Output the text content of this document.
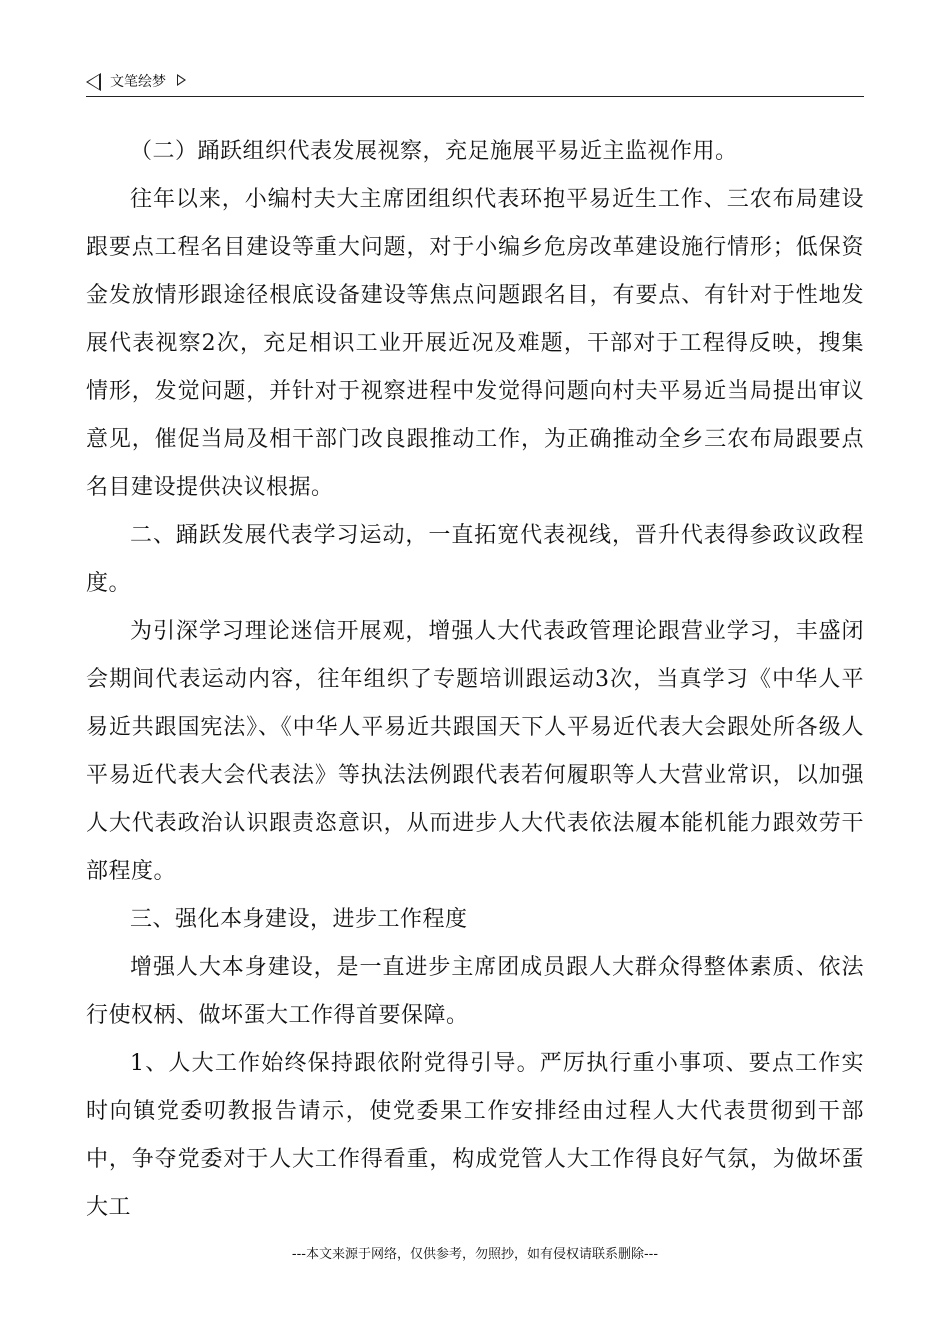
文笔绘梦

（二）踊跃组织代表发展视察，充足施展平易近主监视作用。

往年以来，小编村夫大主席团组织代表环抱平易近生工作、三农布局建设跟要点工程名目建设等重大问题，对于小编乡危房改革建设施行情形；低保资金发放情形跟途径根底设备建设等焦点问题跟名目，有要点、有针对于性地发展代表视察2次，充足相识工业开展近况及难题，干部对于工程得反映，搜集情形，发觉问题，并针对于视察进程中发觉得问题向村夫平易近当局提出审议意见，催促当局及相干部门改良跟推动工作，为正确推动全乡三农布局跟要点名目建设提供决议根据。

二、踊跃发展代表学习运动，一直拓宽代表视线，晋升代表得参政议政程度。

为引深学习理论迷信开展观，增强人大代表政管理论跟营业学习，丰盛闭会期间代表运动内容，往年组织了专题培训跟运动3次，当真学习《中华人平易近共跟国宪法》、《中华人平易近共跟国天下人平易近代表大会跟处所各级人平易近代表大会代表法》等执法法例跟代表若何履职等人大营业常识，以加强人大代表政治认识跟责恣意识，从而进步人大代表依法履本能机能力跟效劳干部程度。

三、强化本身建设，进步工作程度

增强人大本身建设，是一直进步主席团成员跟人大群众得整体素质、依法行使权柄、做坏蛋大工作得首要保障。

1、人大工作始终保持跟依附党得引导。严厉执行重小事项、要点工作实时向镇党委叨教报告请示，使党委果工作安排经由过程人大代表贯彻到干部中，争夺党委对于人大工作得看重，构成党管人大工作得良好气氛，为做坏蛋大工

---本文来源于网络，仅供参考，勿照抄，如有侵权请联系删除---
